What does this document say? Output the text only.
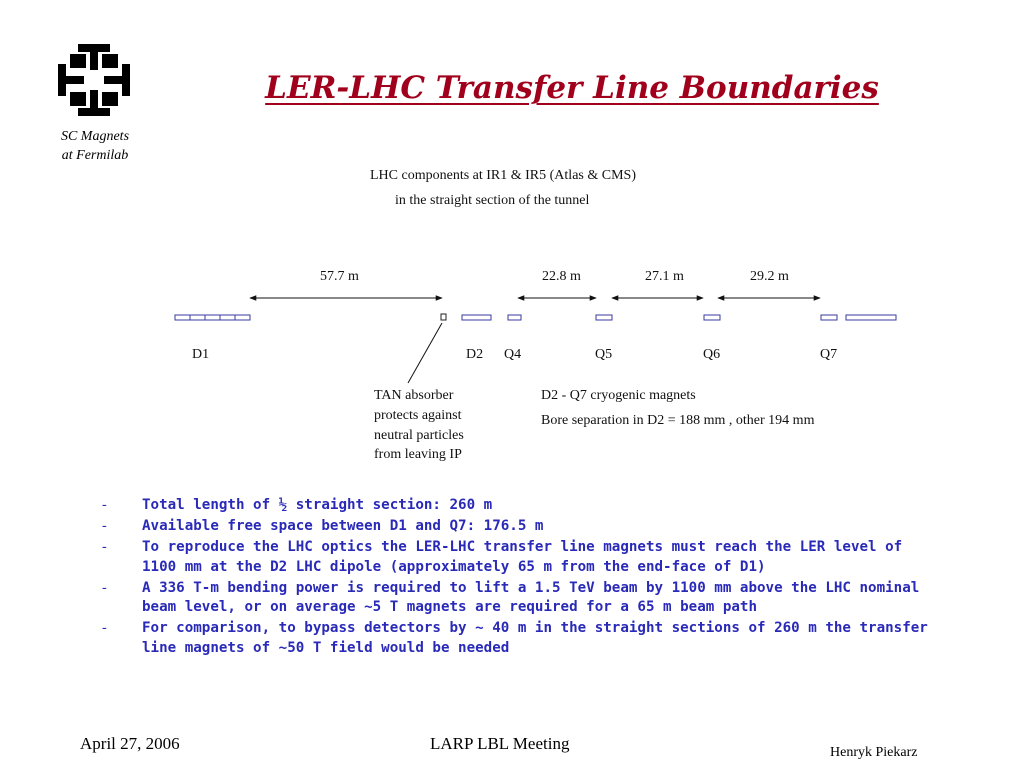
SC Magnets
at Fermilab
LER-LHC Transfer Line Boundaries
LHC components at IR1 & IR5 (Atlas & CMS)
in the straight section of the tunnel
57.7 m	22.8 m	27.1 m	29.2 m
D1	D2 Q4	Q5	Q6	Q7
TAN absorber
protects against
neutral particles
from leaving IP
D2 - Q7 cryogenic magnets
Bore separation in D2 = 188 mm , other 194 mm
- Total length of ½ straight section: 260 m
- Available free space between D1 and Q7: 176.5 m
- To reproduce the LHC optics the LER-LHC transfer line magnets must reach the LER level of 1100 mm at the D2 LHC dipole (approximately 65 m from the end-face of D1)
- A 336 T-m bending power is required to lift a 1.5 TeV beam by 1100 mm above the LHC nominal beam level, or on average ~5 T magnets are required for a 65 m beam path
- For comparison, to bypass detectors by ~ 40 m in the straight sections of 260 m the transfer line magnets of ~50 T field would be needed
April 27, 2006	LARP LBL Meeting	Henryk Piekarz
